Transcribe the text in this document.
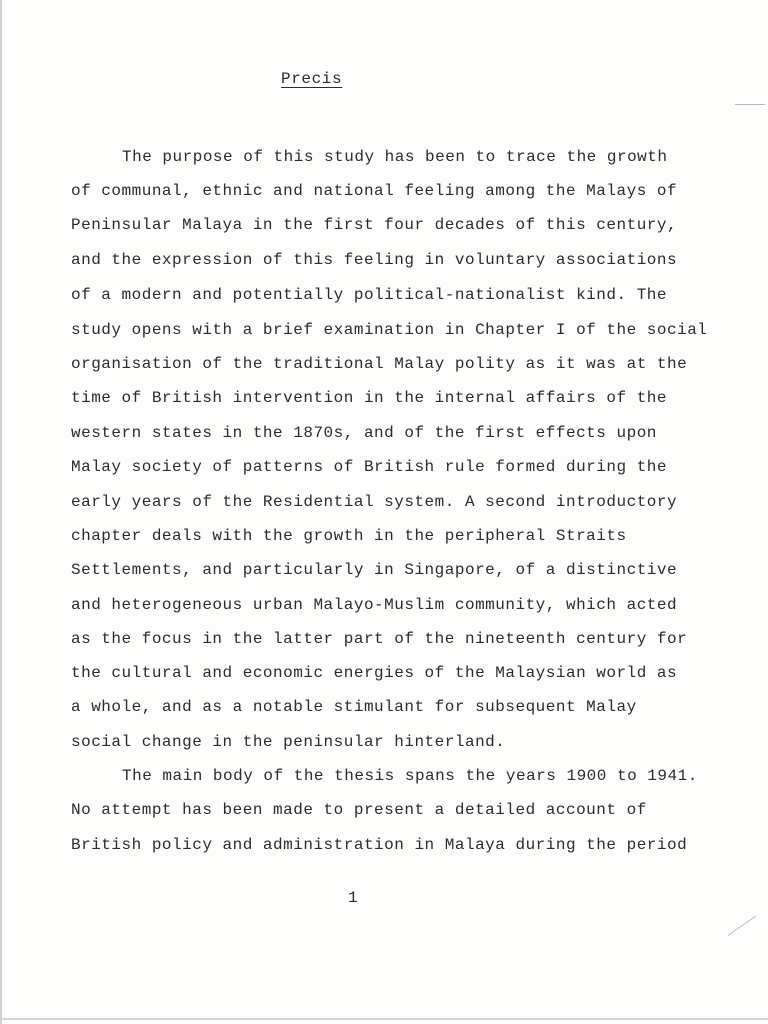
Precis
The purpose of this study has been to trace the growth
of communal, ethnic and national feeling among the Malays of
Peninsular Malaya in the first four decades of this century,
and the expression of this feeling in voluntary associations
of a modern and potentially political-nationalist kind. The
study opens with a brief examination in Chapter I of the social
organisation of the traditional Malay polity as it was at the
time of British intervention in the internal affairs of the
western states in the 1870s, and of the first effects upon
Malay society of patterns of British rule formed during the
early years of the Residential system. A second introductory
chapter deals with the growth in the peripheral Straits
Settlements, and particularly in Singapore, of a distinctive
and heterogeneous urban Malayo-Muslim community, which acted
as the focus in the latter part of the nineteenth century for
the cultural and economic energies of the Malaysian world as
a whole, and as a notable stimulant for subsequent Malay
social change in the peninsular hinterland.
The main body of the thesis spans the years 1900 to 1941.
No attempt has been made to present a detailed account of
British policy and administration in Malaya during the period
1
